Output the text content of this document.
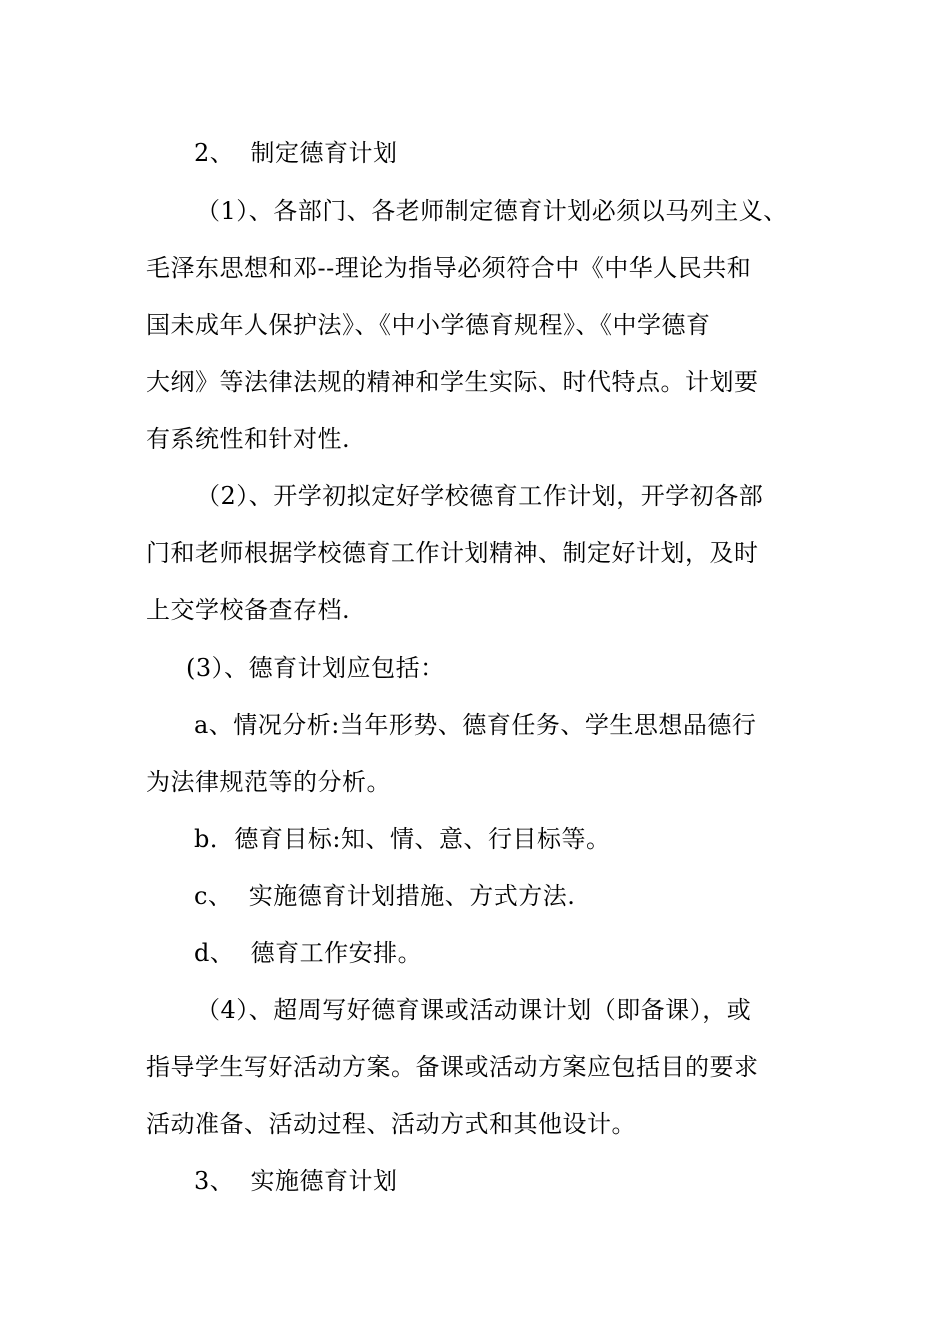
2、  制定德育计划
（1）、各部门、各老师制定德育计划必须以马列主义、
毛泽东思想和邓--理论为指导必须符合中《中华人民共和
国未成年人保护法》、《中小学德育规程》、《中学德育
大纲》等法律法规的精神和学生实际、时代特点。计划要
有系统性和针对性.
（2）、开学初拟定好学校德育工作计划，开学初各部
门和老师根据学校德育工作计划精神、制定好计划，及时
上交学校备查存档.
(3）、德育计划应包括：
a、情况分析:当年形势、德育任务、学生思想品德行
为法律规范等的分析。
b．德育目标:知、情、意、行目标等。
c、  实施德育计划措施、方式方法.
d、  德育工作安排。
（4）、超周写好德育课或活动课计划（即备课），或
指导学生写好活动方案。备课或活动方案应包括目的要求
活动准备、活动过程、活动方式和其他设计。
3、  实施德育计划
